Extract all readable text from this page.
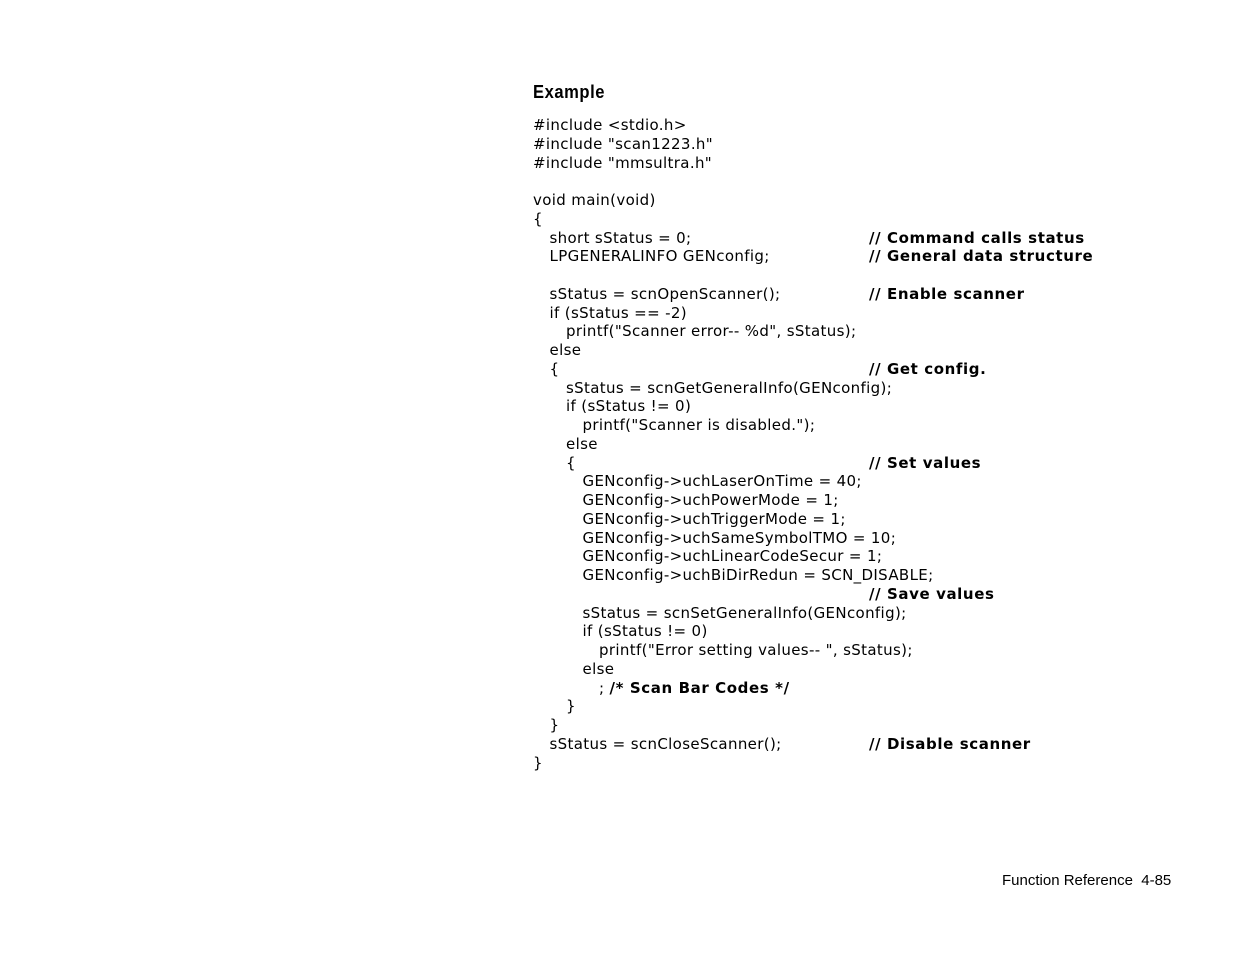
Example
#include <stdio.h>
#include "scan1223.h"
#include "mmsultra.h"
void main(void)
{
short sStatus = 0;	// Command calls status
LPGENERALINFO GENconfig;	// General data structure
sStatus = scnOpenScanner();	// Enable scanner
if (sStatus == -2)
printf("Scanner error-- %d", sStatus);
else
{	// Get config.
sStatus = scnGetGeneralInfo(GENconfig);
if (sStatus != 0)
printf("Scanner is disabled.");
else
{	// Set values
GENconfig->uchLaserOnTime = 40;
GENconfig->uchPowerMode = 1;
GENconfig->uchTriggerMode = 1;
GENconfig->uchSameSymbolTMO = 10;
GENconfig->uchLinearCodeSecur = 1;
GENconfig->uchBiDirRedun = SCN_DISABLE;
// Save values
sStatus = scnSetGeneralInfo(GENconfig);
if (sStatus != 0)
printf("Error setting values-- ", sStatus);
else
; /* Scan Bar Codes */
}
}
sStatus = scnCloseScanner();	// Disable scanner
}
Function Reference 4-85
